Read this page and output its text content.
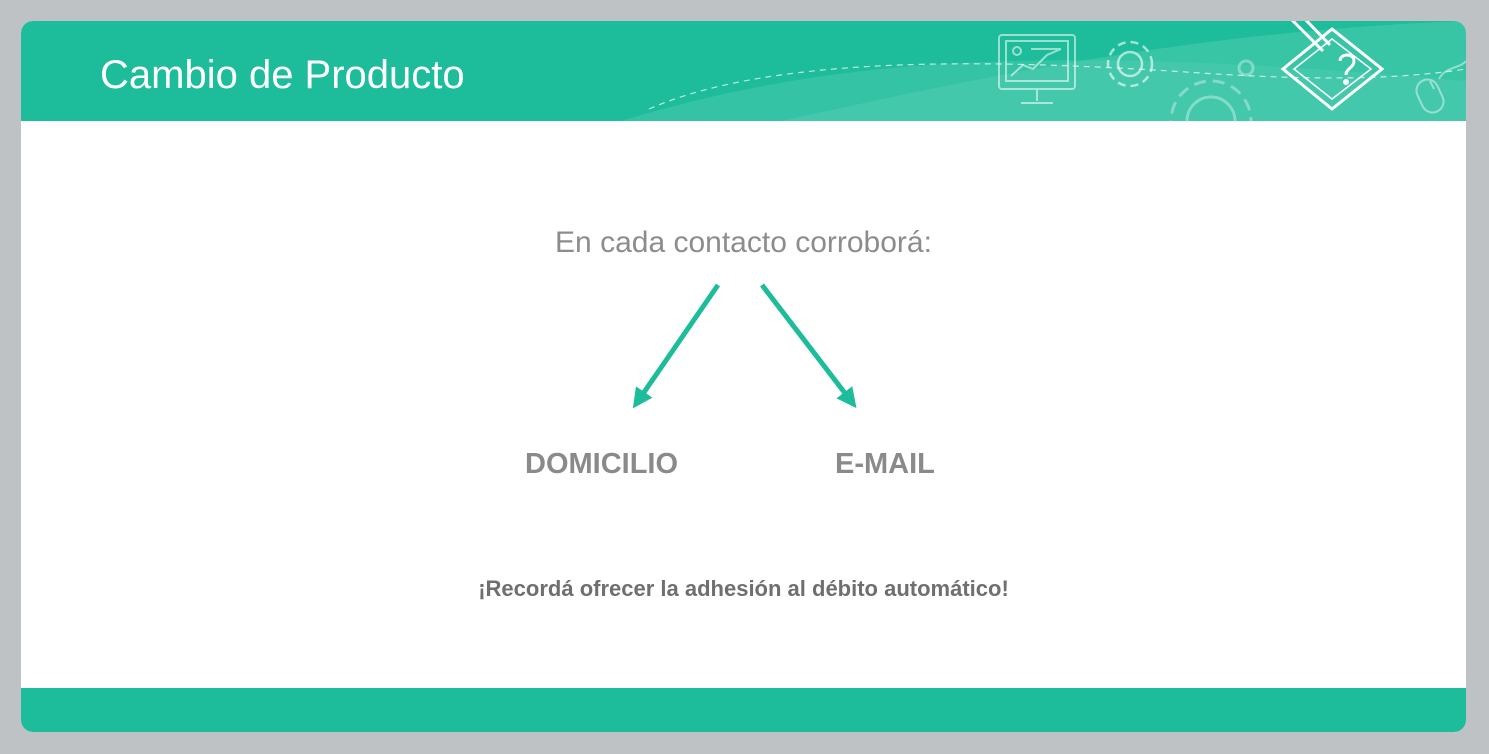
Cambio de Producto

En cada contacto corroborá:

DOMICILIO	E-MAIL

¡Recordá ofrecer la adhesión al débito automático!
